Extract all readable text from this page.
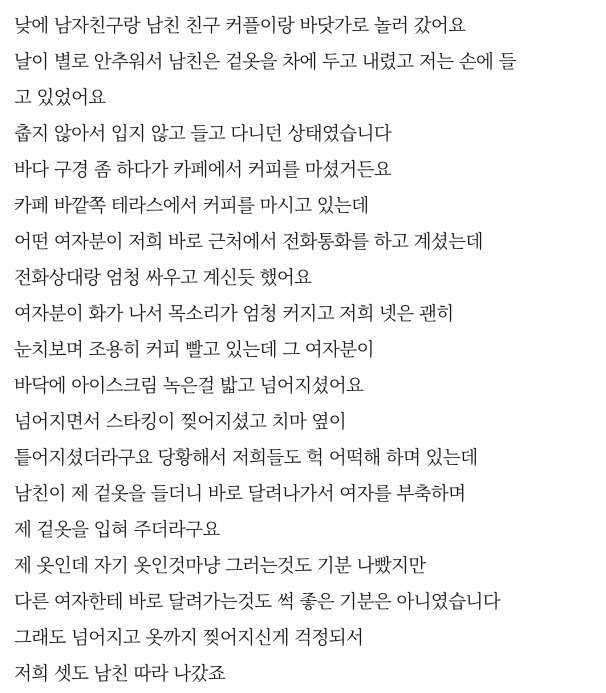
낮에 남자친구랑 남친 친구 커플이랑 바닷가로 놀러 갔어요
날이 별로 안추워서 남친은 겉옷을 차에 두고 내렸고 저는 손에 들
고 있었어요
춥지 않아서 입지 않고 들고 다니던 상태였습니다
바다 구경 좀 하다가 카페에서 커피를 마셨거든요
카페 바깥쪽 테라스에서 커피를 마시고 있는데
어떤 여자분이 저희 바로 근처에서 전화통화를 하고 계셨는데
전화상대랑 엄청 싸우고 계신듯 했어요
여자분이 화가 나서 목소리가 엄청 커지고 저희 넷은 괜히
눈치보며 조용히 커피 빨고 있는데 그 여자분이
바닥에 아이스크림 녹은걸 밟고 넘어지셨어요
넘어지면서 스타킹이 찢어지셨고 치마 옆이
틑어지셨더라구요 당황해서 저희들도 헉 어떡해 하며 있는데
남친이 제 겉옷을 들더니 바로 달려나가서 여자를 부축하며
제 겉옷을 입혀 주더라구요
제 옷인데 자기 옷인것마냥 그러는것도 기분 나빴지만
다른 여자한테 바로 달려가는것도 썩 좋은 기분은 아니였습니다
그래도 넘어지고 옷까지 찢어지신게 걱정되서
저희 셋도 남친 따라 나갔죠
